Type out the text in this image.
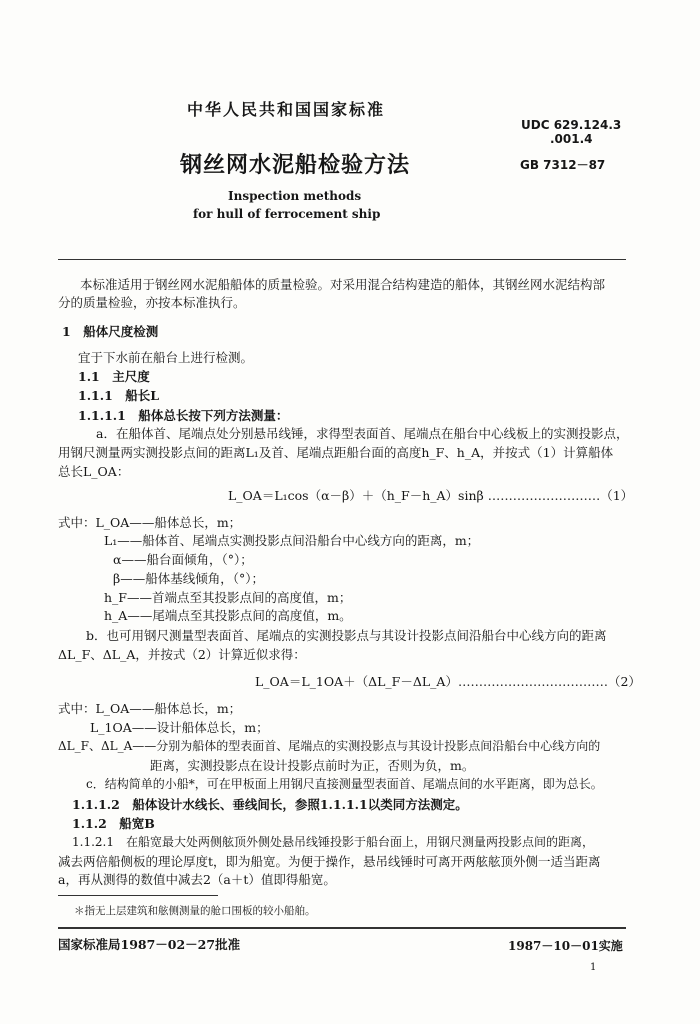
中华人民共和国国家标准
UDC 629.124.3
.001.4
钢丝网水泥船检验方法	GB 7312－87
Inspection methods
for hull of ferrocement ship
本标准适用于钢丝网水泥船船体的质量检验。对采用混合结构建造的船体，其钢丝网水泥结构部
分的质量检验，亦按本标准执行。
1　船体尺度检测
宜于下水前在船台上进行检测。
1.1　主尺度
1.1.1　船长L
1.1.1.1　船体总长按下列方法测量：
a．在船体首、尾端点处分别悬吊线锤，求得型表面首、尾端点在船台中心线板上的实测投影点，
用钢尺测量两实测投影点间的距离L₁及首、尾端点距船台面的高度h_F、h_A，并按式（1）计算船体
总长L_OA：
L_OA＝L₁cos（α－β）＋（h_F－h_A）sinβ ………………………（1）
式中：L_OA——船体总长，m；
L₁——船体首、尾端点实测投影点间沿船台中心线方向的距离，m；
α——船台面倾角，（°）；
β——船体基线倾角，（°）；
h_F——首端点至其投影点间的高度值，m；
h_A——尾端点至其投影点间的高度值，m。
b．也可用钢尺测量型表面首、尾端点的实测投影点与其设计投影点间沿船台中心线方向的距离
ΔL_F、ΔL_A，并按式（2）计算近似求得：
L_OA＝L_1OA＋（ΔL_F－ΔL_A）………………………………（2）
式中：L_OA——船体总长，m；
L_1OA——设计船体总长，m；
ΔL_F、ΔL_A——分别为船体的型表面首、尾端点的实测投影点与其设计投影点间沿船台中心线方向的
距离，实测投影点在设计投影点前时为正，否则为负，m。
c．结构简单的小船*，可在甲板面上用钢尺直接测量型表面首、尾端点间的水平距离，即为总长。
1.1.1.2　船体设计水线长、垂线间长，参照1.1.1.1以类同方法测定。
1.1.2　船宽B
1.1.2.1　在船宽最大处两侧舷顶外侧处悬吊线锤投影于船台面上，用钢尺测量两投影点间的距离，
减去两倍船侧板的理论厚度t，即为船宽。为便于操作，悬吊线锤时可离开两舷舷顶外侧一适当距离
a，再从测得的数值中减去2（a＋t）值即得船宽。
＊指无上层建筑和舷侧测量的舱口围板的较小船舶。
国家标准局1987－02－27批准	1987－10－01实施
1
